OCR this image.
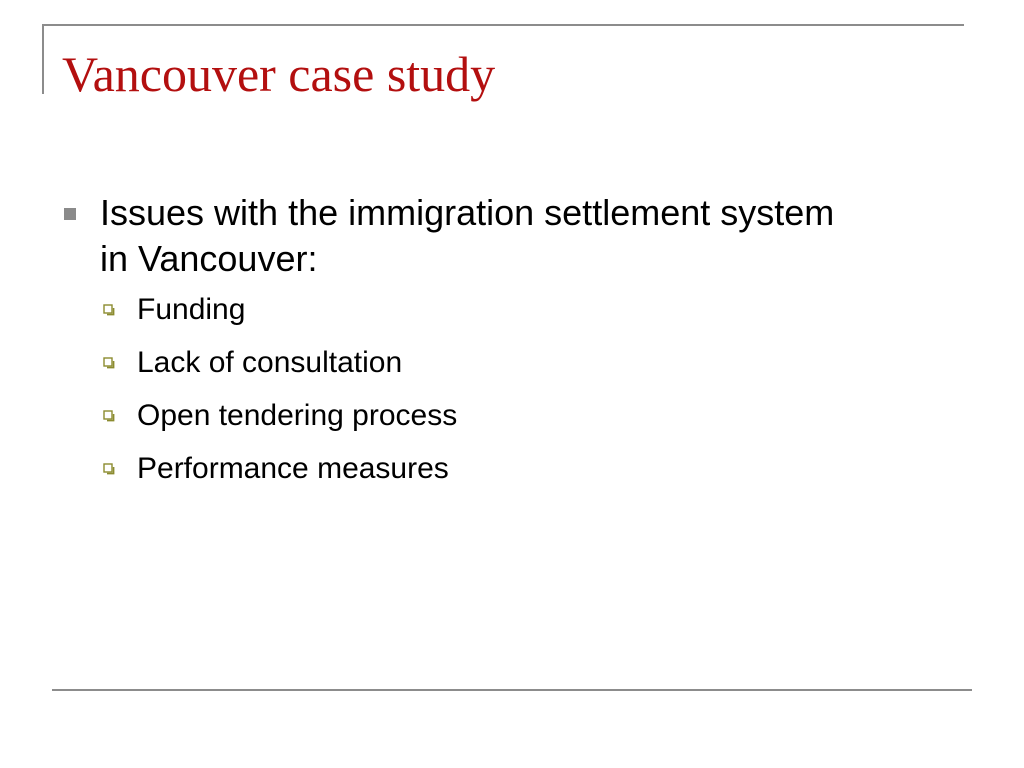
Vancouver case study
Issues with the immigration settlement system in Vancouver:
Funding
Lack of consultation
Open tendering process
Performance measures
